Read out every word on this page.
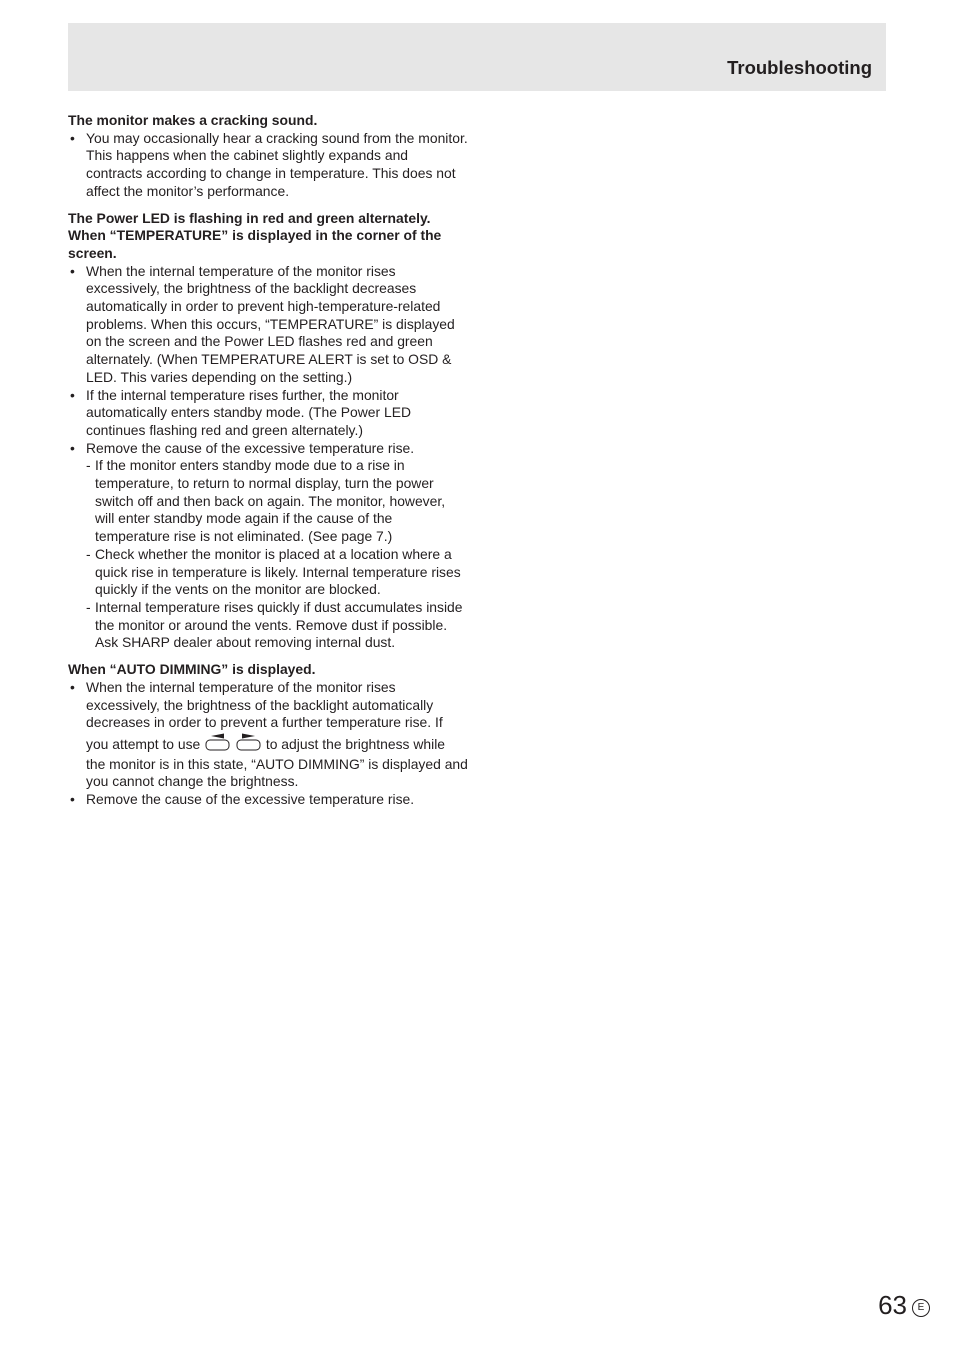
Troubleshooting
The monitor makes a cracking sound.
• You may occasionally hear a cracking sound from the monitor. This happens when the cabinet slightly expands and contracts according to change in temperature. This does not affect the monitor’s performance.
The Power LED is flashing in red and green alternately. When “TEMPERATURE” is displayed in the corner of the screen.
• When the internal temperature of the monitor rises excessively, the brightness of the backlight decreases automatically in order to prevent high-temperature-related problems. When this occurs, “TEMPERATURE” is displayed on the screen and the Power LED flashes red and green alternately. (When TEMPERATURE ALERT is set to OSD & LED. This varies depending on the setting.)
• If the internal temperature rises further, the monitor automatically enters standby mode. (The Power LED continues flashing red and green alternately.)
• Remove the cause of the excessive temperature rise.
- If the monitor enters standby mode due to a rise in temperature, to return to normal display, turn the power switch off and then back on again. The monitor, however, will enter standby mode again if the cause of the temperature rise is not eliminated. (See page 7.)
- Check whether the monitor is placed at a location where a quick rise in temperature is likely. Internal temperature rises quickly if the vents on the monitor are blocked.
- Internal temperature rises quickly if dust accumulates inside the monitor or around the vents. Remove dust if possible. Ask SHARP dealer about removing internal dust.
When “AUTO DIMMING” is displayed.
• When the internal temperature of the monitor rises excessively, the brightness of the backlight automatically decreases in order to prevent a further temperature rise. If you attempt to use	to adjust the brightness while the monitor is in this state, “AUTO DIMMING” is displayed and you cannot change the brightness.
• Remove the cause of the excessive temperature rise.
63	E
